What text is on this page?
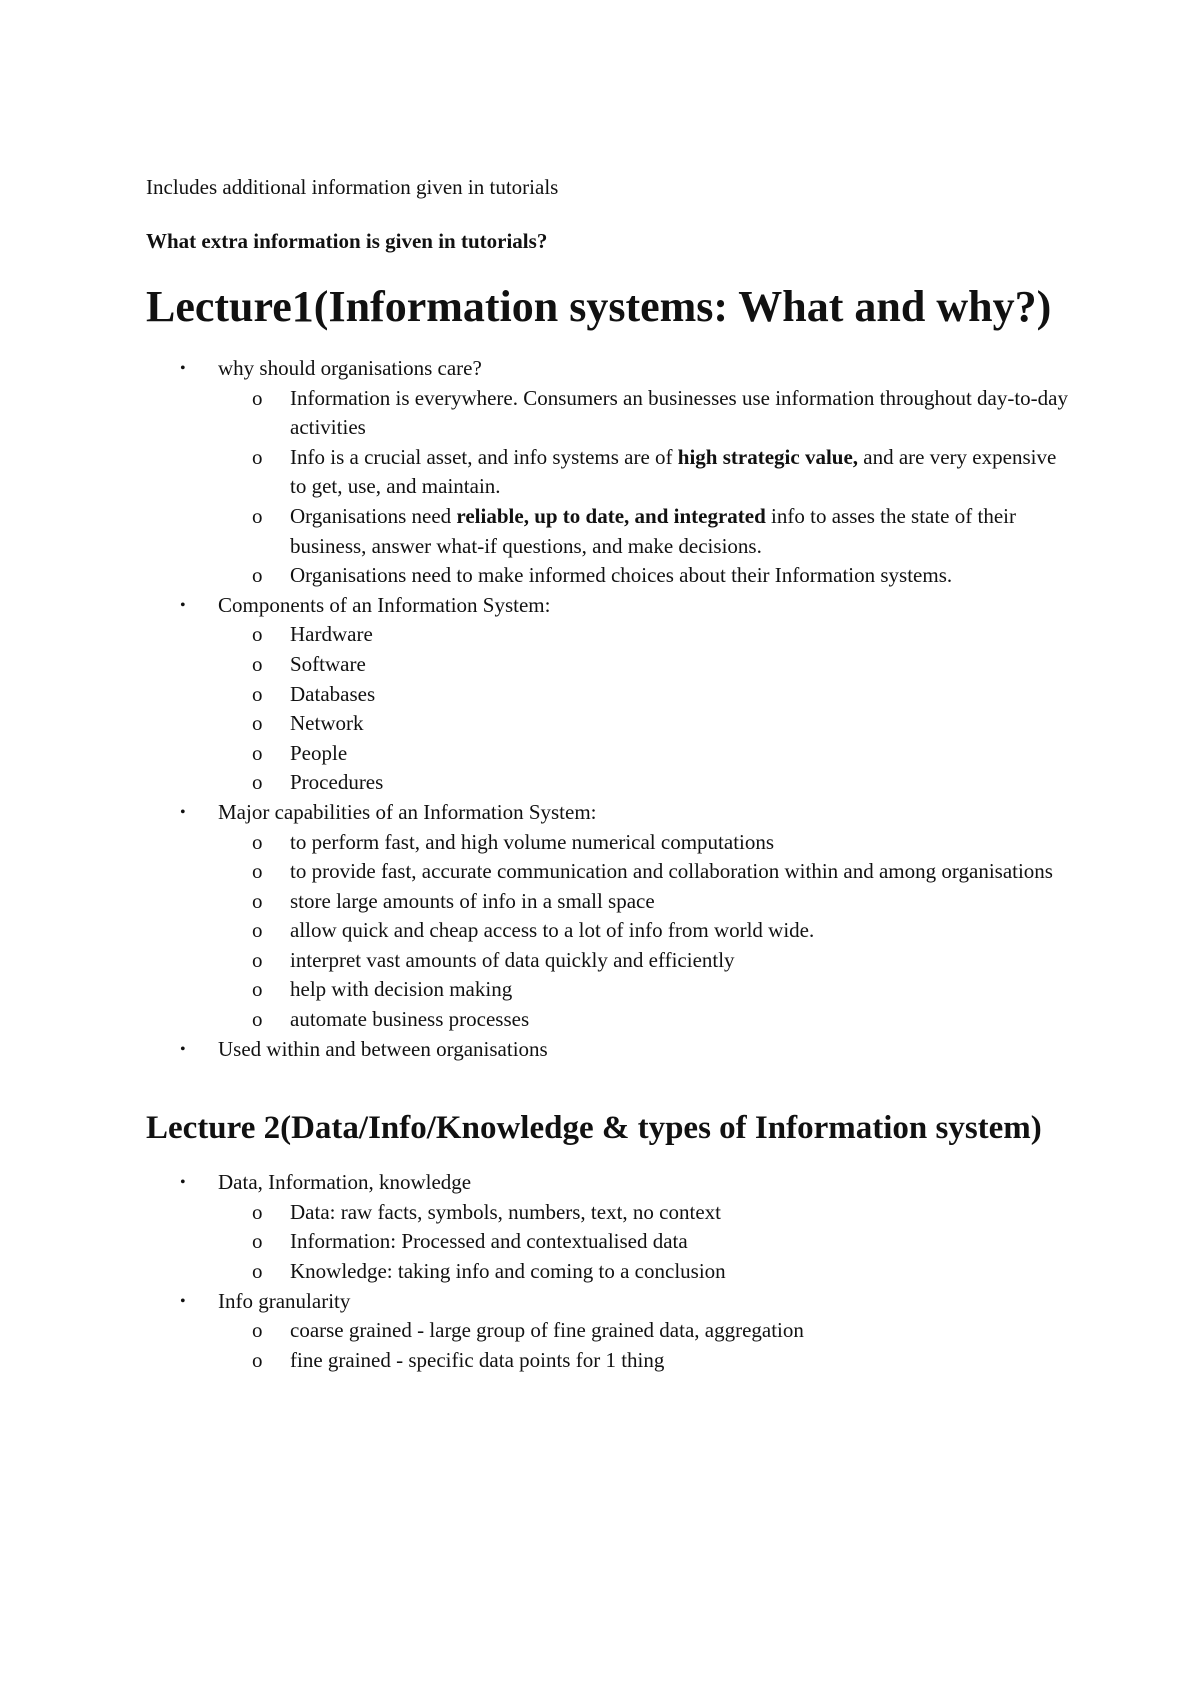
Includes additional information given in tutorials

What extra information is given in tutorials?

Lecture1(Information systems: What and why?)
• why should organisations care?
o Information is everywhere. Consumers an businesses use information throughout day-to-day activities
o Info is a crucial asset, and info systems are of high strategic value, and are very expensive to get, use, and maintain.
o Organisations need reliable, up to date, and integrated info to asses the state of their business, answer what-if questions, and make decisions.
o Organisations need to make informed choices about their Information systems.
• Components of an Information System:
o Hardware
o Software
o Databases
o Network
o People
o Procedures
• Major capabilities of an Information System:
o to perform fast, and high volume numerical computations
o to provide fast, accurate communication and collaboration within and among organisations
o store large amounts of info in a small space
o allow quick and cheap access to a lot of info from world wide.
o interpret vast amounts of data quickly and efficiently
o help with decision making
o automate business processes
• Used within and between organisations
Lecture 2(Data/Info/Knowledge & types of Information system)
• Data, Information, knowledge
o Data: raw facts, symbols, numbers, text, no context
o Information: Processed and contextualised data
o Knowledge: taking info and coming to a conclusion
• Info granularity
o coarse grained - large group of fine grained data, aggregation
o fine grained - specific data points for 1 thing
